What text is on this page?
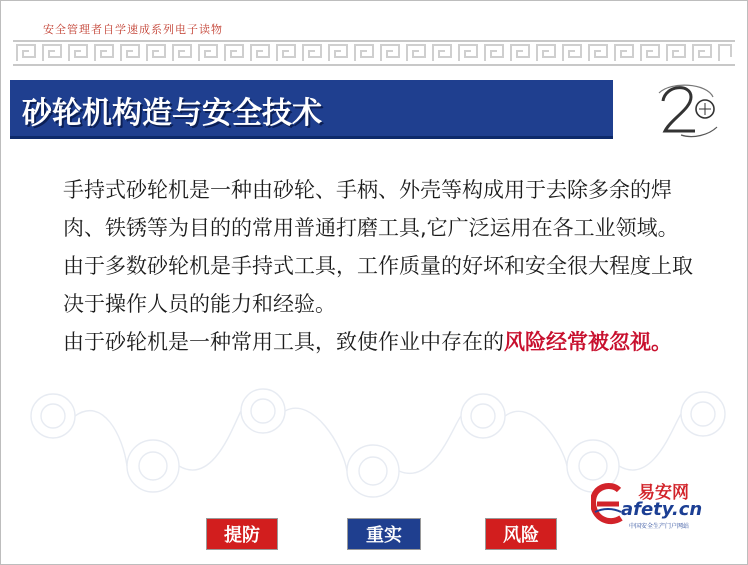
安全管理者自学速成系列电子读物
砂轮机构造与安全技术

手持式砂轮机是一种由砂轮、手柄、外壳等构成用于去除多余的焊肉、铁锈等为目的的常用普通打磨工具,它广泛运用在各工业领域。

由于多数砂轮机是手持式工具，工作质量的好坏和安全很大程度上取决于操作人员的能力和经验。

由于砂轮机是一种常用工具，致使作业中存在的风险经常被忽视。

易安网
afety.cn
中国安全生产门户网站
提防	重实	风险
